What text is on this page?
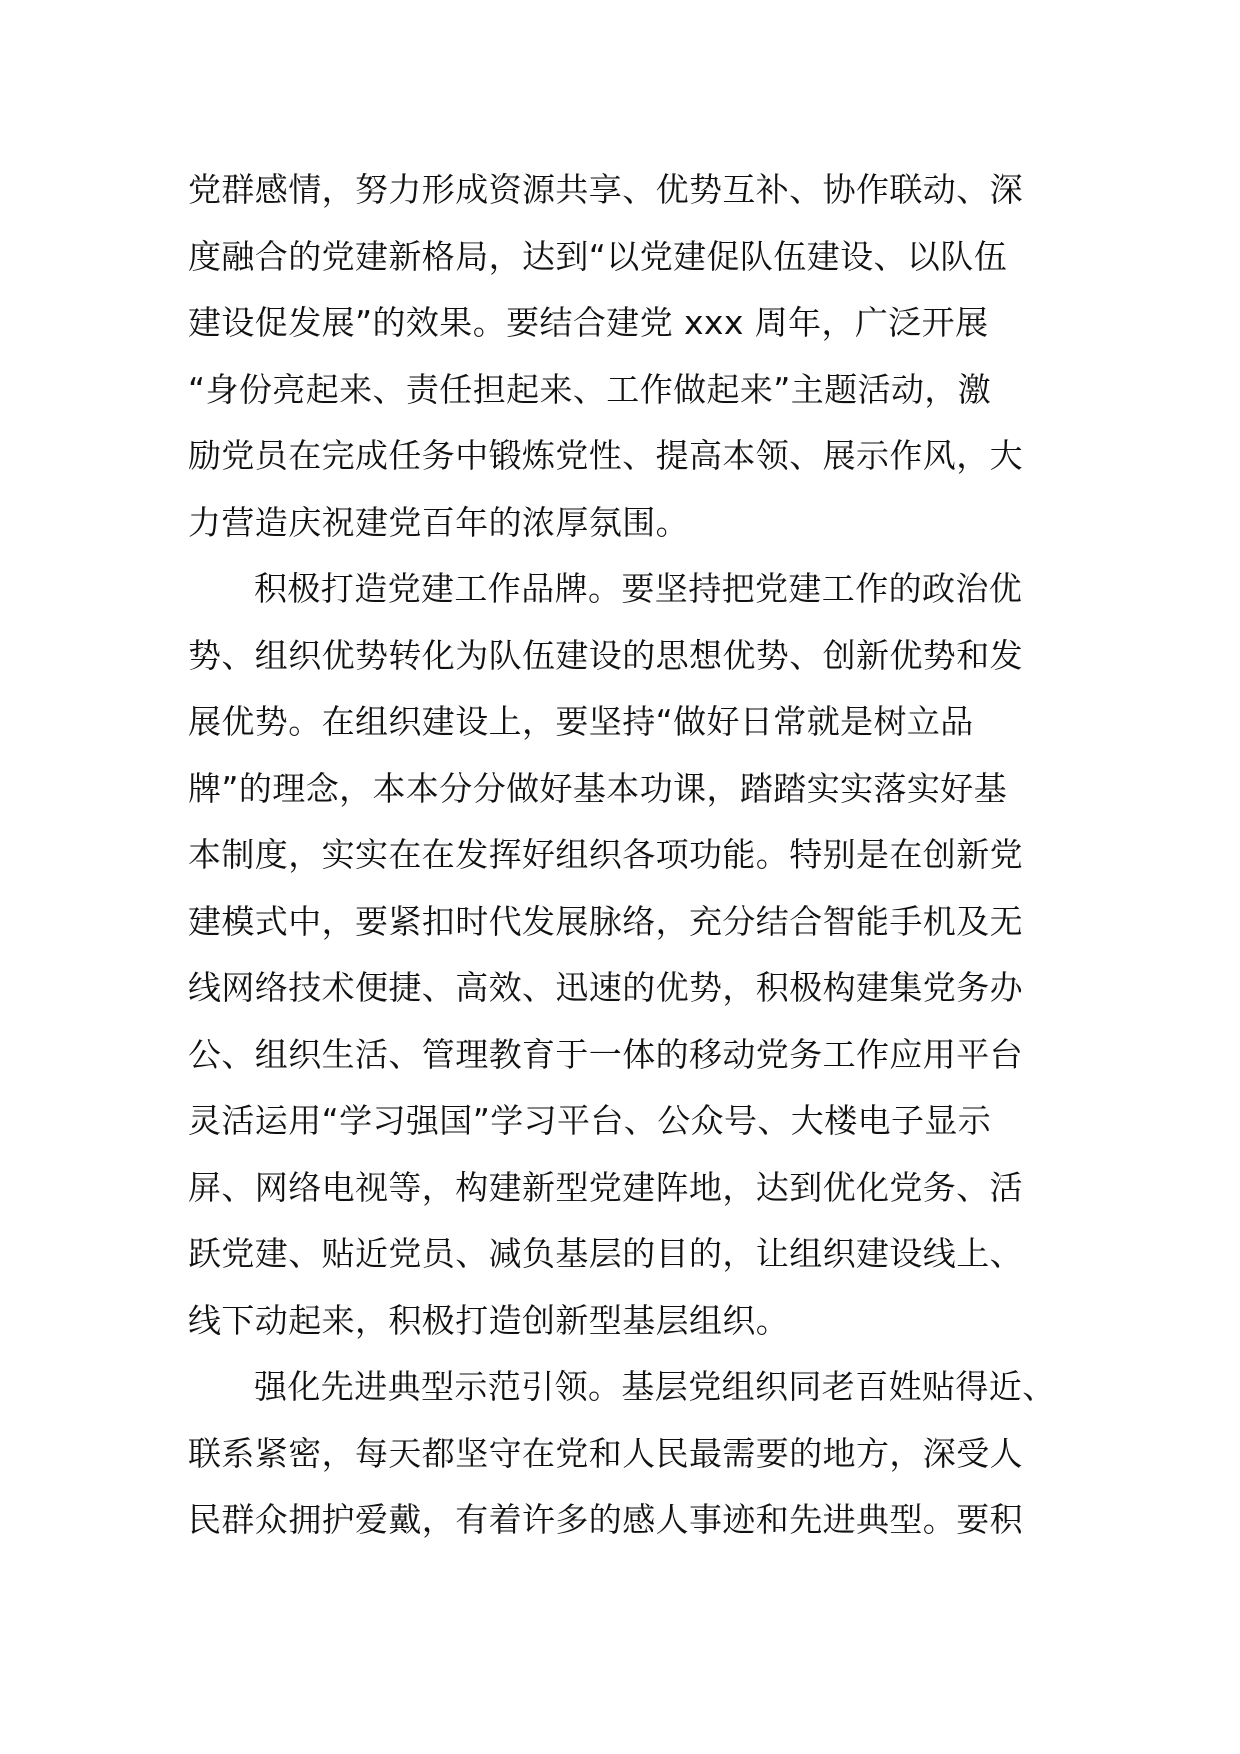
党群感情，努力形成资源共享、优势互补、协作联动、深
度融合的党建新格局，达到“以党建促队伍建设、以队伍
建设促发展”的效果。要结合建党 xxx 周年，广泛开展
“身份亮起来、责任担起来、工作做起来”主题活动，激
励党员在完成任务中锻炼党性、提高本领、展示作风，大
力营造庆祝建党百年的浓厚氛围。
积极打造党建工作品牌。要坚持把党建工作的政治优
势、组织优势转化为队伍建设的思想优势、创新优势和发
展优势。在组织建设上，要坚持“做好日常就是树立品
牌”的理念，本本分分做好基本功课，踏踏实实落实好基
本制度，实实在在发挥好组织各项功能。特别是在创新党
建模式中，要紧扣时代发展脉络，充分结合智能手机及无
线网络技术便捷、高效、迅速的优势，积极构建集党务办
公、组织生活、管理教育于一体的移动党务工作应用平台
灵活运用“学习强国”学习平台、公众号、大楼电子显示
屏、网络电视等，构建新型党建阵地，达到优化党务、活
跃党建、贴近党员、减负基层的目的，让组织建设线上、
线下动起来，积极打造创新型基层组织。
强化先进典型示范引领。基层党组织同老百姓贴得近、
联系紧密，每天都坚守在党和人民最需要的地方，深受人
民群众拥护爱戴，有着许多的感人事迹和先进典型。要积
